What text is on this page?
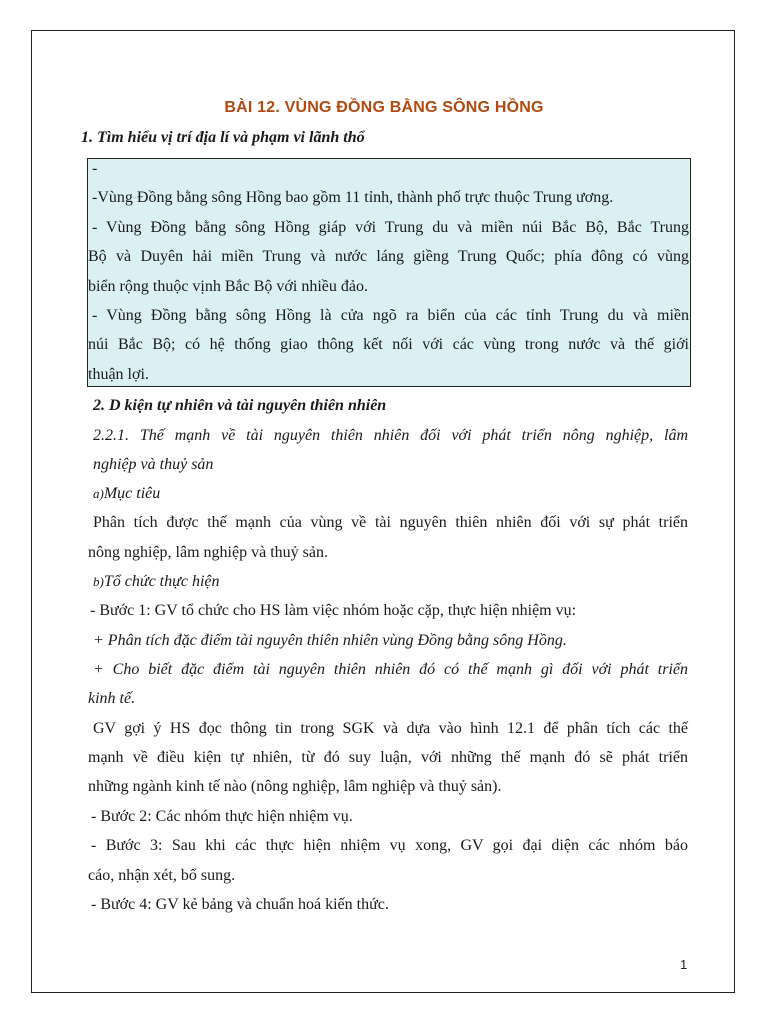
BÀI 12. VÙNG ĐỒNG BẰNG SÔNG HỒNG
1. Tìm hiểu vị trí địa lí và phạm vi lãnh thổ
-
-Vùng Đồng bằng sông Hồng bao gồm 11 tỉnh, thành phố trực thuộc Trung ương.
- Vùng Đồng bằng sông Hồng giáp với Trung du và miền núi Bắc Bộ, Bắc Trung
Bộ và Duyên hải miền Trung và nước láng giềng Trung Quốc; phía đông có vùng
biển rộng thuộc vịnh Bắc Bộ với nhiều đảo.
- Vùng Đồng bằng sông Hồng là cửa ngõ ra biển của các tỉnh Trung du và miền
núi Bắc Bộ; có hệ thống giao thông kết nối với các vùng trong nước và thế giới
thuận lợi.
2. D kiện tự nhiên và tài nguyên thiên nhiên
2.2.1. Thế mạnh về tài nguyên thiên nhiên đối với phát triển nông nghiệp, lâm
nghiệp và thuỷ sản
a)Mục tiêu
Phân tích được thế mạnh của vùng về tài nguyên thiên nhiên đối với sự phát triển
nông nghiệp, lâm nghiệp và thuỷ sản.
b)Tổ chức thực hiện
- Bước 1: GV tổ chức cho HS làm việc nhóm hoặc cặp, thực hiện nhiệm vụ:
+ Phân tích đặc điểm tài nguyên thiên nhiên vùng Đồng bằng sông Hồng.
+ Cho biết đặc điểm tài nguyên thiên nhiên đó có thế mạnh gì đối với phát triển
kinh tế.
GV gợi ý HS đọc thông tin trong SGK và dựa vào hình 12.1 để phân tích các thế
mạnh về điều kiện tự nhiên, từ đó suy luận, với những thế mạnh đó sẽ phát triển
những ngành kinh tế nào (nông nghiệp, lâm nghiệp và thuỷ sản).
- Bước 2: Các nhóm thực hiện nhiệm vụ.
- Bước 3: Sau khi các thực hiện nhiệm vụ xong, GV gọi đại diện các nhóm báo
cáo, nhận xét, bổ sung.
- Bước 4: GV kẻ bảng và chuẩn hoá kiến thức.
1
